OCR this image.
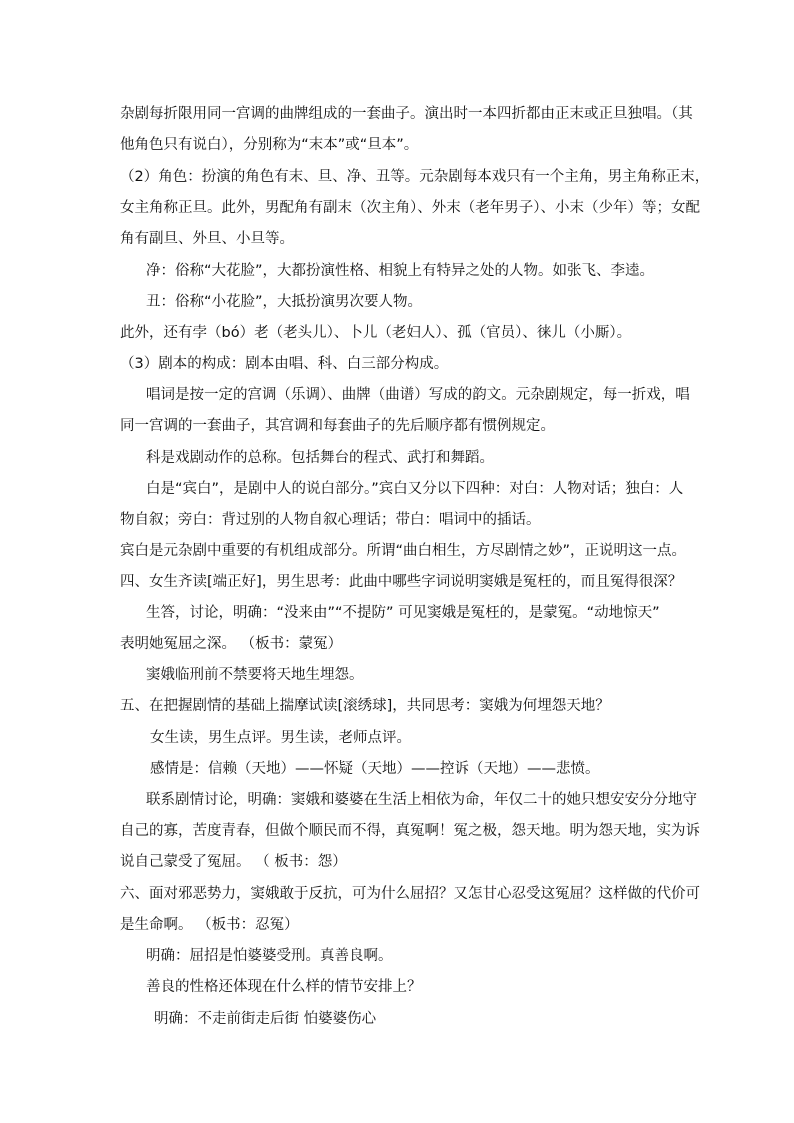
杂剧每折限用同一宫调的曲牌组成的一套曲子。演出时一本四折都由正末或正旦独唱。（其
他角色只有说白），分别称为“末本”或“旦本”。
（2）角色：扮演的角色有末、旦、净、丑等。元杂剧每本戏只有一个主角，男主角称正末，
女主角称正旦。此外，男配角有副末（次主角）、外末（老年男子）、小末（少年）等；女配
角有副旦、外旦、小旦等。
净：俗称“大花脸”，大都扮演性格、相貌上有特异之处的人物。如张飞、李逵。
丑：俗称“小花脸”，大抵扮演男次要人物。
此外，还有孛（bó）老（老头儿）、卜儿（老妇人）、孤（官员）、徕儿（小厮）。
（3）剧本的构成：剧本由唱、科、白三部分构成。
唱词是按一定的宫调（乐调）、曲牌（曲谱）写成的韵文。元杂剧规定，每一折戏，唱
同一宫调的一套曲子，其宫调和每套曲子的先后顺序都有惯例规定。
科是戏剧动作的总称。包括舞台的程式、武打和舞蹈。
白是“宾白”，是剧中人的说白部分。”宾白又分以下四种：对白：人物对话；独白：人
物自叙；旁白：背过别的人物自叙心理话；带白：唱词中的插话。
宾白是元杂剧中重要的有机组成部分。所谓“曲白相生，方尽剧情之妙”，正说明这一点。
四、女生齐读[端正好]，男生思考：此曲中哪些字词说明窦娥是冤枉的，而且冤得很深？
生答，讨论，明确：“没来由”“不提防” 可见窦娥是冤枉的，是蒙冤。“动地惊天”
表明她冤屈之深。 （板书：蒙冤）
窦娥临刑前不禁要将天地生埋怨。
五、在把握剧情的基础上揣摩试读[滚绣球]，共同思考：窦娥为何埋怨天地？
女生读，男生点评。男生读，老师点评。
感情是：信赖（天地）——怀疑（天地）——控诉（天地）——悲愤。
联系剧情讨论，明确：窦娥和婆婆在生活上相依为命，年仅二十的她只想安安分分地守
自己的寡，苦度青春，但做个顺民而不得，真冤啊！冤之极，怨天地。明为怨天地，实为诉
说自己蒙受了冤屈。 （ 板书：怨）
六、面对邪恶势力，窦娥敢于反抗，可为什么屈招？又怎甘心忍受这冤屈？这样做的代价可
是生命啊。 （板书：忍冤）
明确：屈招是怕婆婆受刑。真善良啊。
善良的性格还体现在什么样的情节安排上？
明确：不走前街走后街 怕婆婆伤心
